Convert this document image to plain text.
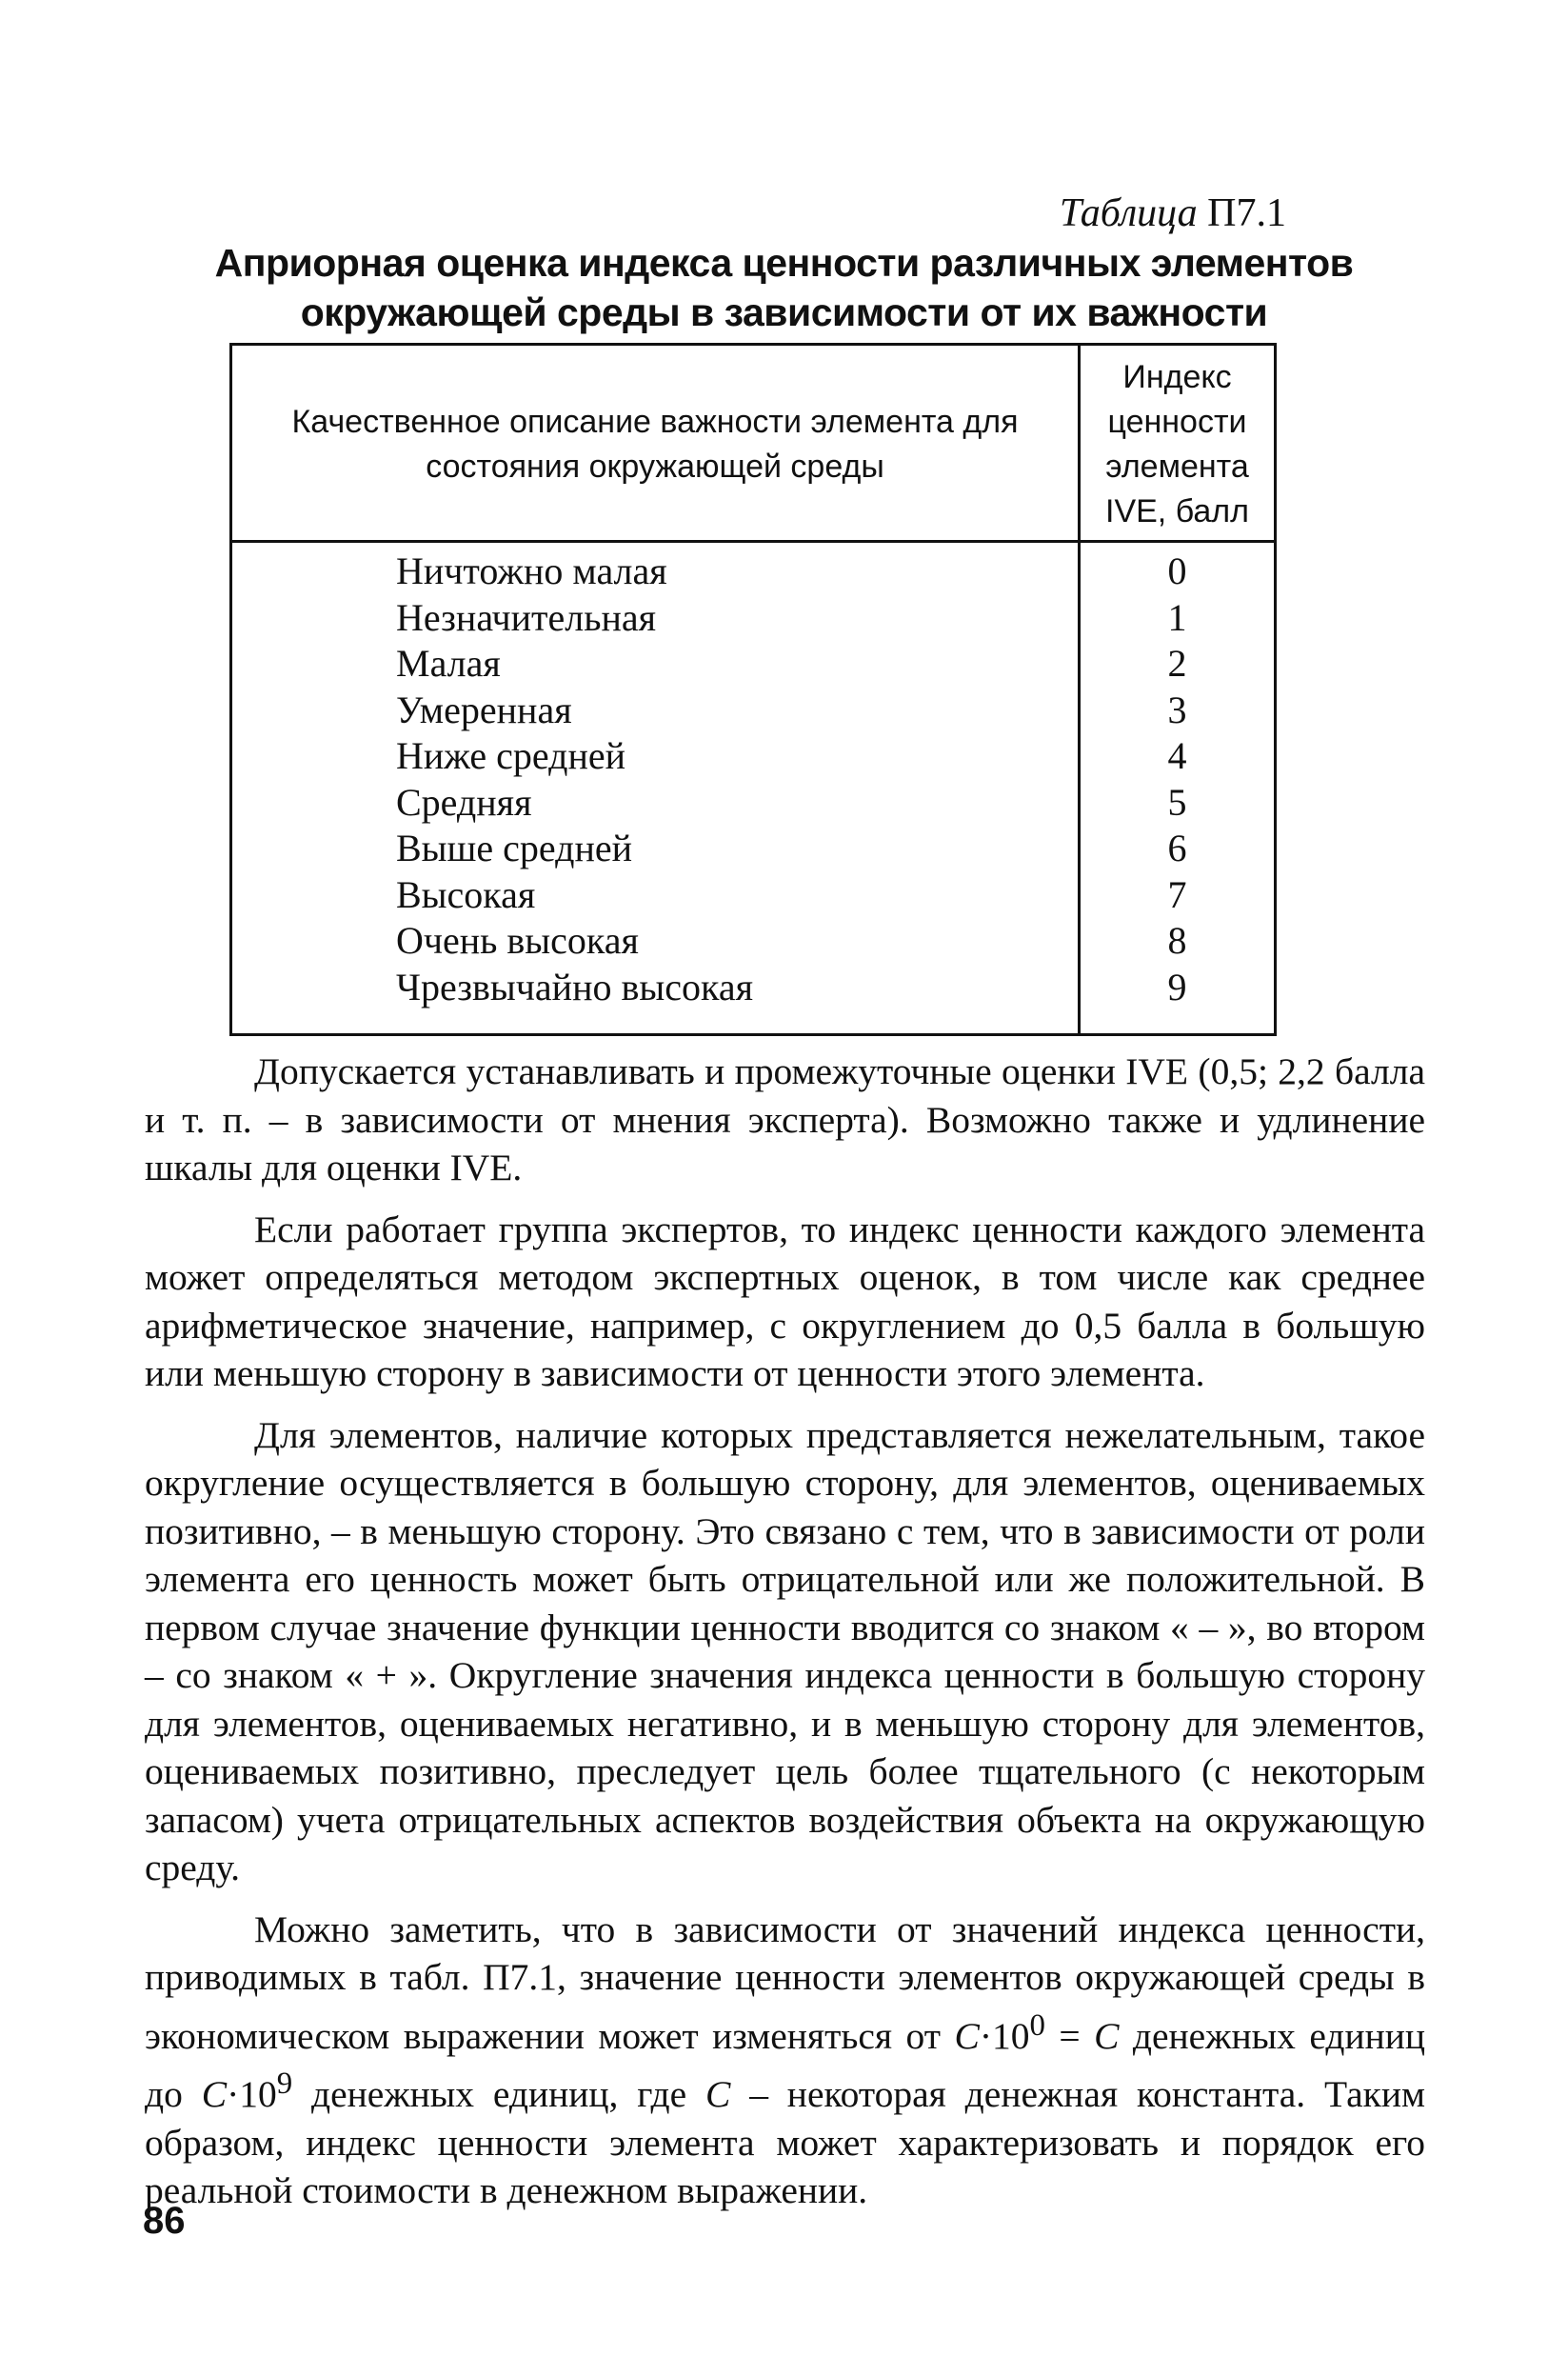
Таблица П7.1
Априорная оценка индекса ценности различных элементов окружающей среды в зависимости от их важности
Качественное описание важности элемента для состояния окружающей среды	Индекс ценности элемента IVE, балл
Ничтожно малая	0
Незначительная	1
Малая	2
Умеренная	3
Ниже средней	4
Средняя	5
Выше средней	6
Высокая	7
Очень высокая	8
Чрезвычайно высокая	9

Допускается устанавливать и промежуточные оценки IVE (0,5; 2,2 балла и т. п. – в зависимости от мнения эксперта). Возможно также и удлинение шкалы для оценки IVE.

Если работает группа экспертов, то индекс ценности каждого элемента может определяться методом экспертных оценок, в том числе как среднее арифметическое значение, например, с округлением до 0,5 балла в большую или меньшую сторону в зависимости от ценности этого элемента.

Для элементов, наличие которых представляется нежелательным, такое округление осуществляется в большую сторону, для элементов, оцениваемых позитивно, – в меньшую сторону. Это связано с тем, что в зависимости от роли элемента его ценность может быть отрицательной или же положительной. В первом случае значение функции ценности вводится со знаком « – », во втором – со знаком « + ». Округление значения индекса ценности в большую сторону для элементов, оцениваемых негативно, и в меньшую сторону для элементов, оцениваемых позитивно, преследует цель более тщательного (с некоторым запасом) учета отрицательных аспектов воздействия объекта на окружающую среду.

Можно заметить, что в зависимости от значений индекса ценности, приводимых в табл. П7.1, значение ценности элементов окружающей среды в экономическом выражении может изменяться от $C\cdot 10^0 = C$ денежных единиц до $C\cdot 10^9$ денежных единиц, где C – некоторая денежная константа. Таким образом, индекс ценности элемента может характеризовать и порядок его реальной стоимости в денежном выражении.

86
